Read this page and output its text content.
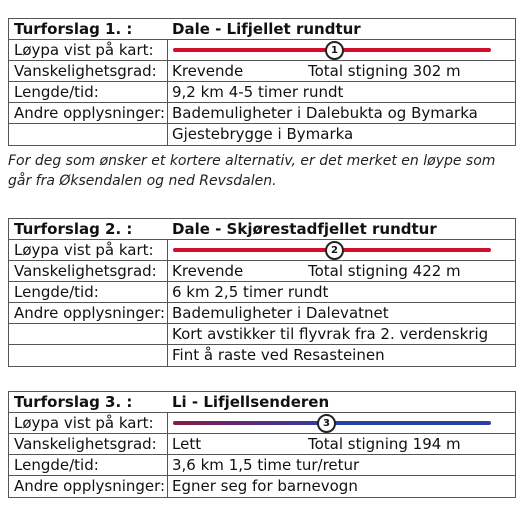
Turforslag 1. :	Dale - Lifjellet rundtur
Løypa vist på kart:	1
Vanskelighetsgrad:	Krevende	Total stigning 302 m
Lengde/tid:	9,2 km 4-5 timer rundt
Andre opplysninger: Bademuligheter i Dalebukta og Bymarka
Gjestebrygge i Bymarka
For deg som ønsker et kortere alternativ, er det merket en løype som går fra Øksendalen og ned Revsdalen.
Turforslag 2. :	Dale - Skjørestadfjellet rundtur
Løypa vist på kart:	2
Vanskelighetsgrad:	Krevende	Total stigning 422 m
Lengde/tid:	6 km 2,5 timer rundt
Andre opplysninger: Bademuligheter i Dalevatnet
Kort avstikker til flyvrak fra 2. verdenskrig
Fint å raste ved Resasteinen
Turforslag 3. :	Li - Lifjellsenderen
Løypa vist på kart:	3
Vanskelighetsgrad:	Lett	Total stigning 194 m
Lengde/tid:	3,6 km 1,5 time tur/retur
Andre opplysninger: Egner seg for barnevogn
